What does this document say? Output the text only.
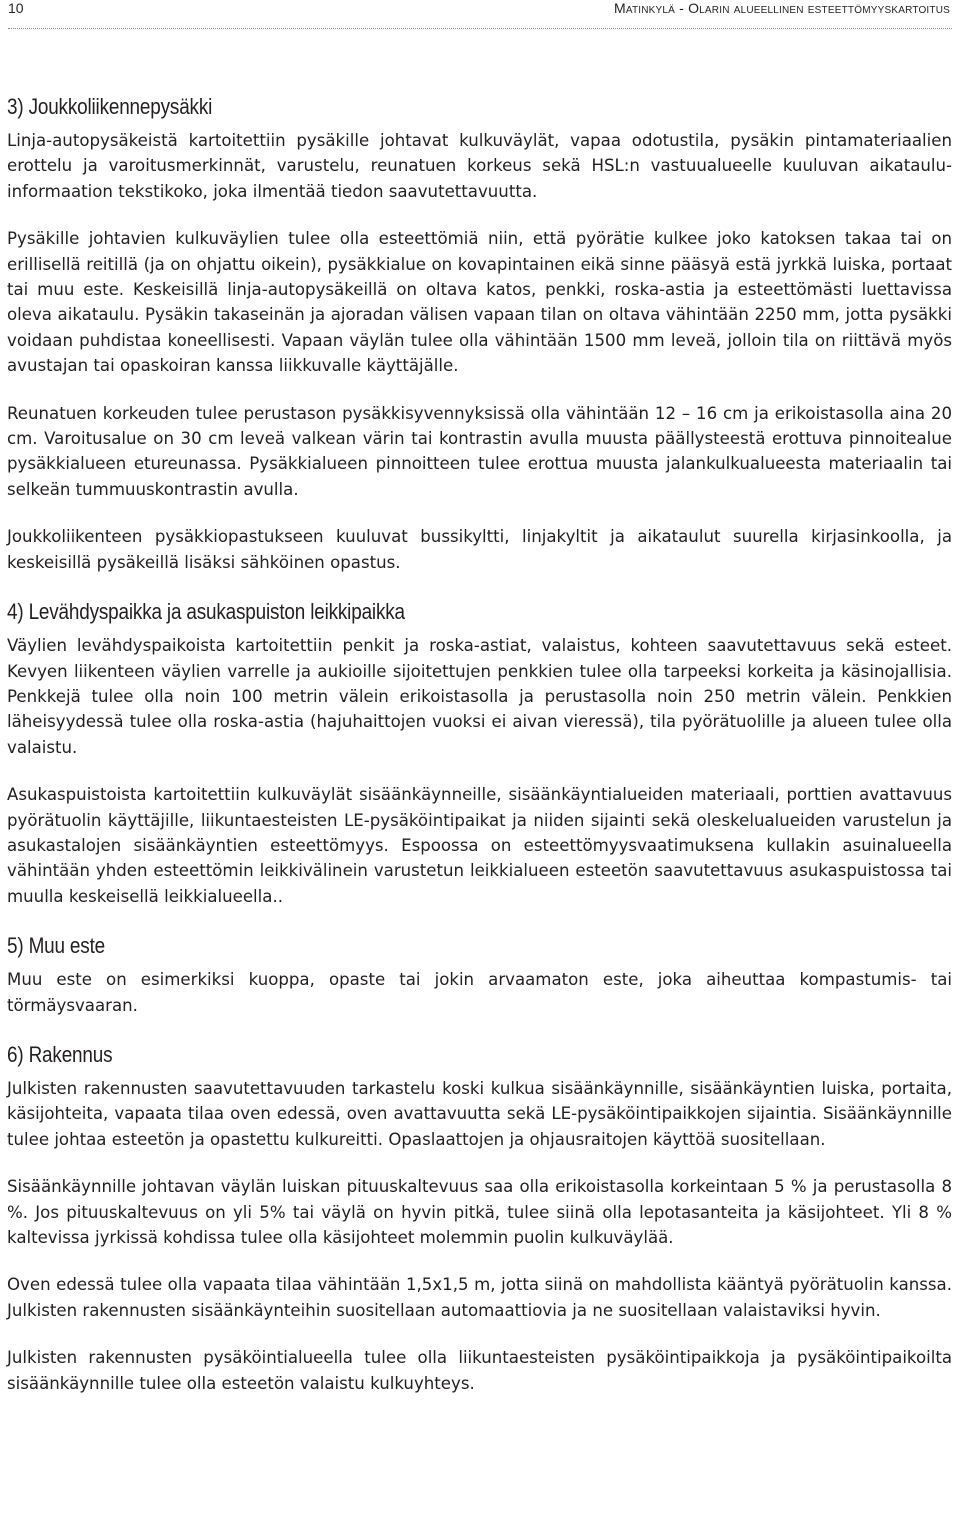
10	Matinkylä - Olarin alueellinen esteettömyyskartoitus
3) Joukkoliikennepysäkki

Linja-autopysäkeistä kartoitettiin pysäkille johtavat kulkuväylät, vapaa odotustila, pysäkin pintamateriaalien erottelu ja varoitusmerkinnät, varustelu, reunatuen korkeus sekä HSL:n vastuualueelle kuuluvan aikataulu-informaation tekstikoko, joka ilmentää tiedon saavutettavuutta.

Pysäkille johtavien kulkuväylien tulee olla esteettömiä niin, että pyörätie kulkee joko katoksen takaa tai on erillisellä reitillä (ja on ohjattu oikein), pysäkkialue on kovapintainen eikä sinne pääsyä estä jyrkkä luiska, portaat tai muu este. Keskeisillä linja-autopysäkeillä on oltava katos, penkki, roska-astia ja esteettömästi luettavissa oleva aikataulu. Pysäkin takaseinän ja ajoradan välisen vapaan tilan on oltava vähintään 2250 mm, jotta pysäkki voidaan puhdistaa koneellisesti. Vapaan väylän tulee olla vähintään 1500 mm leveä, jolloin tila on riittävä myös avustajan tai opaskoiran kanssa liikkuvalle käyttäjälle.

Reunatuen korkeuden tulee perustason pysäkkisyvennyksissä olla vähintään 12 – 16 cm ja erikoistasolla aina 20 cm. Varoitusalue on 30 cm leveä valkean värin tai kontrastin avulla muusta päällysteestä erottuva pinnoitealue pysäkkialueen etureunassa. Pysäkkialueen pinnoitteen tulee erottua muusta jalankulkualueesta materiaalin tai selkeän tummuuskontrastin avulla.

Joukkoliikenteen pysäkkiopastukseen kuuluvat bussikyltti, linjakyltit ja aikataulut suurella kirjasinkoolla, ja keskeisillä pysäkeillä lisäksi sähköinen opastus.

4) Levähdyspaikka ja asukaspuiston leikkipaikka

Väylien levähdyspaikoista kartoitettiin penkit ja roska-astiat, valaistus, kohteen saavutettavuus sekä esteet. Kevyen liikenteen väylien varrelle ja aukioille sijoitettujen penkkien tulee olla tarpeeksi korkeita ja käsinojallisia. Penkkejä tulee olla noin 100 metrin välein erikoistasolla ja perustasolla noin 250 metrin välein. Penkkien läheisyydessä tulee olla roska-astia (hajuhaittojen vuoksi ei aivan vieressä), tila pyörätuolille ja alueen tulee olla valaistu.

Asukaspuistoista kartoitettiin kulkuväylät sisäänkäynneille, sisäänkäyntialueiden materiaali, porttien avattavuus pyörätuolin käyttäjille, liikuntaesteisten LE-pysäköintipaikat ja niiden sijainti sekä oleskelualueiden varustelun ja asukastalojen sisäänkäyntien esteettömyys. Espoossa on esteettömyysvaatimuksena kullakin asuinalueella vähintään yhden esteettömin leikkivälinein varustetun leikkialueen esteetön saavutettavuus asukaspuistossa tai muulla keskeisellä leikkialueella..

5) Muu este

Muu este on esimerkiksi kuoppa, opaste tai jokin arvaamaton este, joka aiheuttaa kompastumis- tai törmäysvaaran.

6) Rakennus

Julkisten rakennusten saavutettavuuden tarkastelu koski kulkua sisäänkäynnille, sisäänkäyntien luiska, portaita, käsijohteita, vapaata tilaa oven edessä, oven avattavuutta sekä LE-pysäköintipaikkojen sijaintia. Sisäänkäynnille tulee johtaa esteetön ja opastettu kulkureitti. Opaslaattojen ja ohjausraitojen käyttöä suositellaan.

Sisäänkäynnille johtavan väylän luiskan pituuskaltevuus saa olla erikoistasolla korkeintaan 5 % ja perustasolla 8 %. Jos pituuskaltevuus on yli 5% tai väylä on hyvin pitkä, tulee siinä olla lepotasanteita ja käsijohteet. Yli 8 % kaltevissa jyrkissä kohdissa tulee olla käsijohteet molemmin puolin kulkuväylää.

Oven edessä tulee olla vapaata tilaa vähintään 1,5x1,5 m, jotta siinä on mahdollista kääntyä pyörätuolin kanssa. Julkisten rakennusten sisäänkäynteihin suositellaan automaattiovia ja ne suositellaan valaistaviksi hyvin.

Julkisten rakennusten pysäköintialueella tulee olla liikuntaesteisten pysäköintipaikkoja ja pysäköintipaikoilta sisäänkäynnille tulee olla esteetön valaistu kulkuyhteys.
